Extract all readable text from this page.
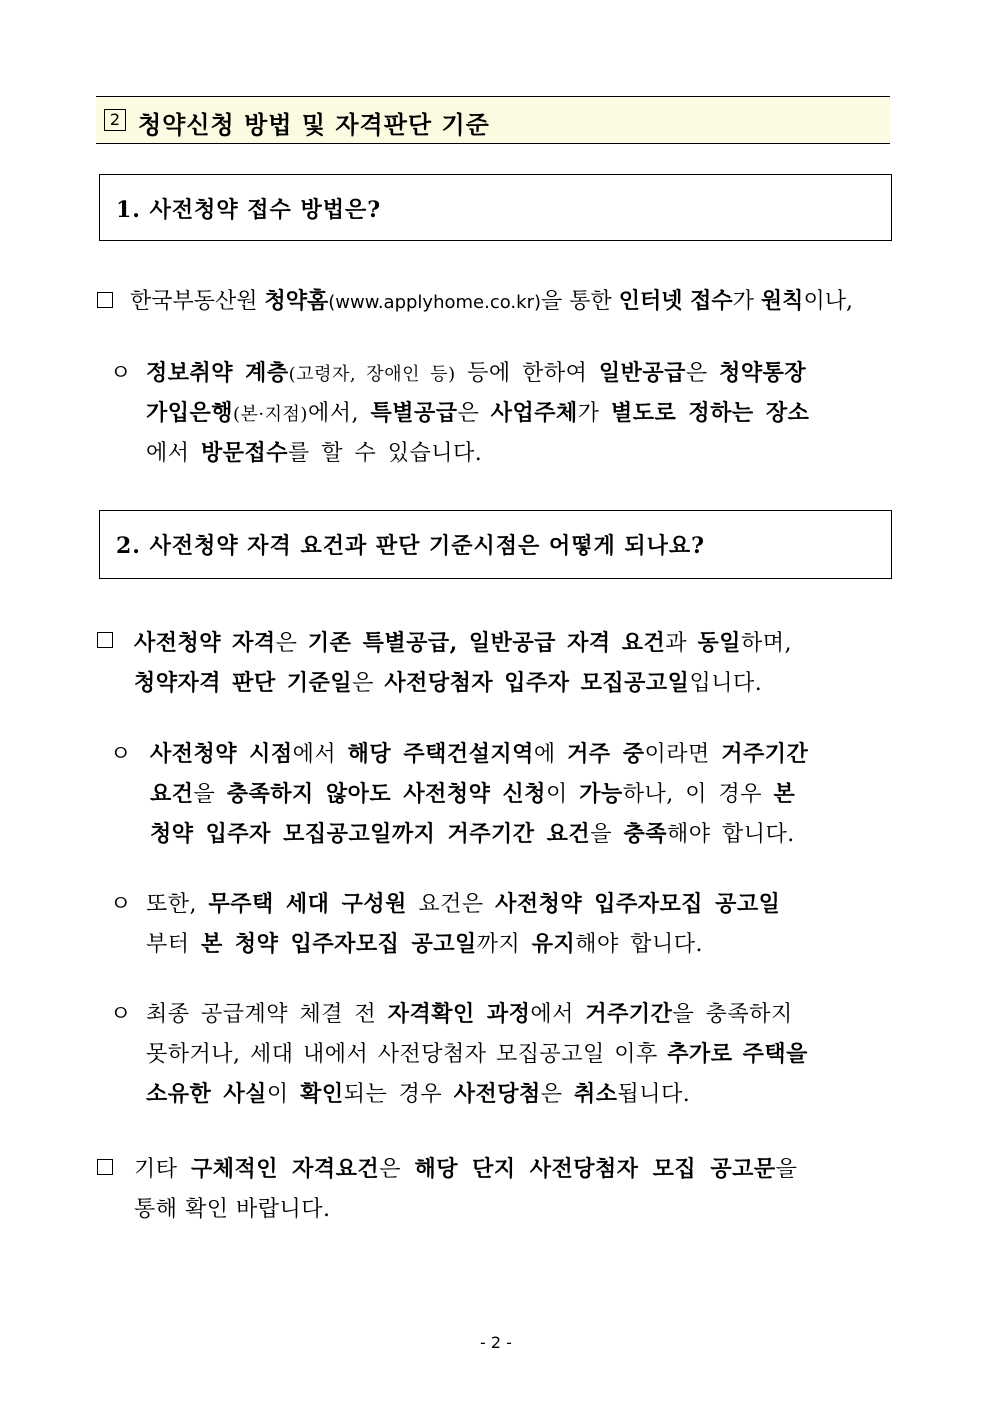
2 청약신청 방법 및 자격판단 기준
1. 사전청약 접수 방법은?
한국부동산원 청약홈(www.applyhome.co.kr)을 통한 인터넷 접수가 원칙이나,
ㅇ 정보취약 계층(고령자, 장애인 등) 등에 한하여 일반공급은 청약통장
가입은행(본·지점)에서, 특별공급은 사업주체가 별도로 정하는 장소
에서 방문접수를 할 수 있습니다.
2. 사전청약 자격 요건과 판단 기준시점은 어떻게 되나요?
사전청약 자격은 기존 특별공급, 일반공급 자격 요건과 동일하며,
청약자격 판단 기준일은 사전당첨자 입주자 모집공고일입니다.
ㅇ 사전청약 시점에서 해당 주택건설지역에 거주 중이라면 거주기간
요건을 충족하지 않아도 사전청약 신청이 가능하나, 이 경우 본
청약 입주자 모집공고일까지 거주기간 요건을 충족해야 합니다.
ㅇ 또한, 무주택 세대 구성원 요건은 사전청약 입주자모집 공고일
부터 본 청약 입주자모집 공고일까지 유지해야 합니다.
ㅇ 최종 공급계약 체결 전 자격확인 과정에서 거주기간을 충족하지
못하거나, 세대 내에서 사전당첨자 모집공고일 이후 추가로 주택을
소유한 사실이 확인되는 경우 사전당첨은 취소됩니다.
기타 구체적인 자격요건은 해당 단지 사전당첨자 모집 공고문을
통해 확인 바랍니다.
- 2 -
